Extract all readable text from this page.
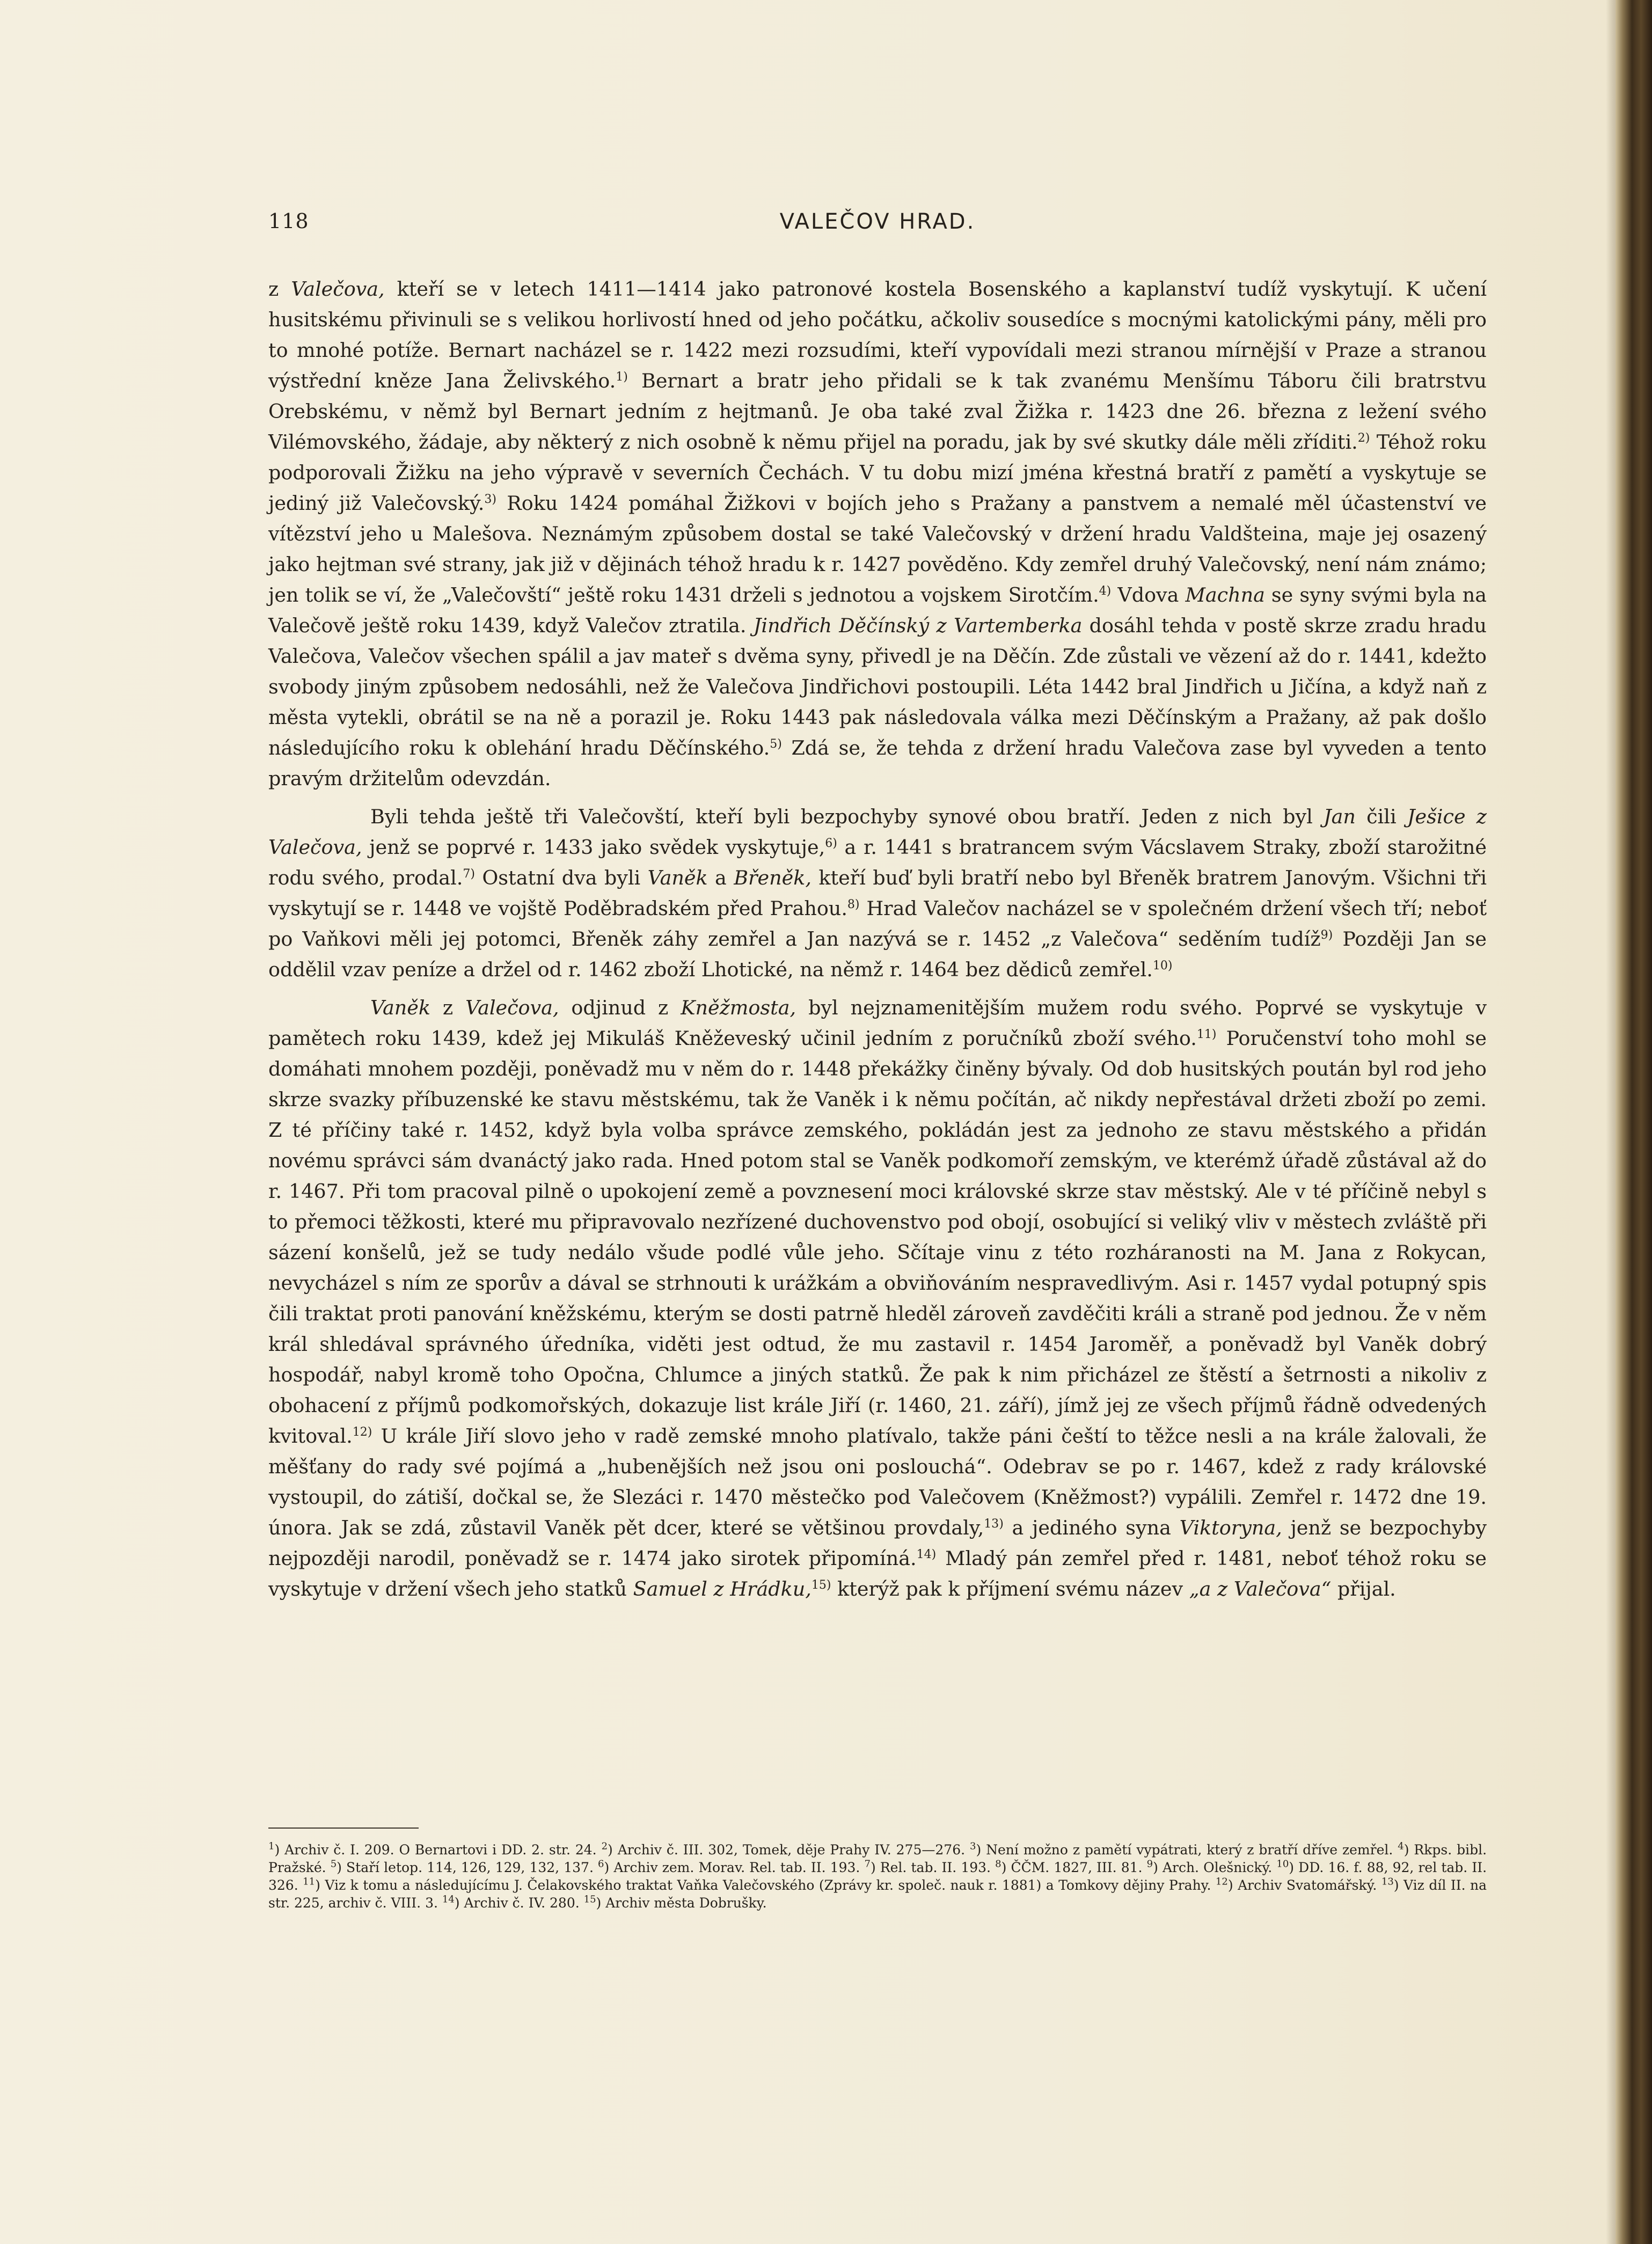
118	VALEČOV HRAD.

z Valečova, kteří se v letech 1411—1414 jako patronové kostela Bosenského a kaplanství tudíž vyskytují. K učení husitskému přivinuli se s velikou horlivostí hned od jeho počátku, ačkoliv sousedíce s mocnými katolickými pány, měli pro to mnohé potíže. Bernart nacházel se r. 1422 mezi rozsudími, kteří vypovídali mezi stranou mírnější v Praze a stranou výstřední kněze Jana Želivského.$^{1)}$ Bernart a bratr jeho přidali se k tak zvanému Menšímu Táboru čili bratrstvu Orebskému, v němž byl Bernart jedním z hejtmanů. Je oba také zval Žižka r. 1423 dne 26. března z ležení svého Vilémovského, žádaje, aby některý z nich osobně k němu přijel na poradu, jak by své skutky dále měli zříditi.$^{2)}$ Téhož roku podporovali Žižku na jeho výpravě v severních Čechách. V tu dobu mizí jména křestná bratří z pamětí a vyskytuje se jediný již Valečovský.$^{3)}$ Roku 1424 pomáhal Žižkovi v bojích jeho s Pražany a panstvem a nemalé měl účastenství ve vítězství jeho u Malešova. Neznámým způsobem dostal se také Valečovský v držení hradu Valdšteina, maje jej osazený jako hejtman své strany, jak již v dějinách téhož hradu k r. 1427 pověděno. Kdy zemřel druhý Valečovský, není nám známo; jen tolik se ví, že „Valečovští“ ještě roku 1431 drželi s jednotou a vojskem Sirotčím.$^{4)}$ Vdova Machna se syny svými byla na Valečově ještě roku 1439, když Valečov ztratila. Jindřich Děčínský z Vartemberka dosáhl tehda v postě skrze zradu hradu Valečova, Valečov všechen spálil a jav mateř s dvěma syny, přivedl je na Děčín. Zde zůstali ve vězení až do r. 1441, kdežto svobody jiným způsobem nedosáhli, než že Valečova Jindřichovi postoupili. Léta 1442 bral Jindřich u Jičína, a když naň z města vytekli, obrátil se na ně a porazil je. Roku 1443 pak následovala válka mezi Děčínským a Pražany, až pak došlo následujícího roku k oblehání hradu Děčínského.$^{5)}$ Zdá se, že tehda z držení hradu Valečova zase byl vyveden a tento pravým držitelům odevzdán.

Byli tehda ještě tři Valečovští, kteří byli bezpochyby synové obou bratří. Jeden z nich byl Jan čili Ješice z Valečova, jenž se poprvé r. 1433 jako svědek vyskytuje,$^{6)}$ a r. 1441 s bratrancem svým Vácslavem Straky, zboží starožitné rodu svého, prodal.$^{7)}$ Ostatní dva byli Vaněk a Břeněk, kteří buď byli bratří nebo byl Břeněk bratrem Janovým. Všichni tři vyskytují se r. 1448 ve vojště Poděbradském před Prahou.$^{8)}$ Hrad Valečov nacházel se v společném držení všech tří; neboť po Vaňkovi měli jej potomci, Břeněk záhy zemřel a Jan nazývá se r. 1452 „z Valečova“ seděním tudíž$^{9)}$ Později Jan se oddělil vzav peníze a držel od r. 1462 zboží Lhotické, na němž r. 1464 bez dědiců zemřel.$^{10)}$

Vaněk z Valečova, odjinud z Kněžmosta, byl nejznamenitějším mužem rodu svého. Poprvé se vyskytuje v pamětech roku 1439, kdež jej Mikuláš Kněževeský učinil jedním z poručníků zboží svého.$^{11)}$ Poručenství toho mohl se domáhati mnohem později, poněvadž mu v něm do r. 1448 překážky činěny bývaly. Od dob husitských poután byl rod jeho skrze svazky příbuzenské ke stavu městskému, tak že Vaněk i k němu počítán, ač nikdy nepřestával držeti zboží po zemi. Z té příčiny také r. 1452, když byla volba správce zemského, pokládán jest za jednoho ze stavu městského a přidán novému správci sám dvanáctý jako rada. Hned potom stal se Vaněk podkomoří zemským, ve kterémž úřadě zůstával až do r. 1467. Při tom pracoval pilně o upokojení země a povznesení moci královské skrze stav městský. Ale v té příčině nebyl s to přemoci těžkosti, které mu připravovalo nezřízené duchovenstvo pod obojí, osobující si veliký vliv v městech zvláště při sázení konšelů, jež se tudy nedálo všude podlé vůle jeho. Sčítaje vinu z této rozháranosti na M. Jana z Rokycan, nevycházel s ním ze sporův a dával se strhnouti k urážkám a obviňováním nespravedlivým. Asi r. 1457 vydal potupný spis čili traktat proti panování kněžskému, kterým se dosti patrně hleděl zároveň zavděčiti králi a straně pod jednou. Že v něm král shledával správného úředníka, viděti jest odtud, že mu zastavil r. 1454 Jaroměř, a poněvadž byl Vaněk dobrý hospodář, nabyl kromě toho Opočna, Chlumce a jiných statků. Že pak k nim přicházel ze štěstí a šetrnosti a nikoliv z obohacení z příjmů podkomořských, dokazuje list krále Jiří (r. 1460, 21. září), jímž jej ze všech příjmů řádně odvedených kvitoval.$^{12)}$ U krále Jiří slovo jeho v radě zemské mnoho platívalo, takže páni čeští to těžce nesli a na krále žalovali, že měšťany do rady své pojímá a „hubenějších než jsou oni poslouchá“. Odebrav se po r. 1467, kdež z rady královské vystoupil, do zátiší, dočkal se, že Slezáci r. 1470 městečko pod Valečovem (Kněžmost?) vypálili. Zemřel r. 1472 dne 19. února. Jak se zdá, zůstavil Vaněk pět dcer, které se většinou provdaly,$^{13)}$ a jediného syna Viktoryna, jenž se bezpochyby nejpozději narodil, poněvadž se r. 1474 jako sirotek připomíná.$^{14)}$ Mladý pán zemřel před r. 1481, neboť téhož roku se vyskytuje v držení všech jeho statků Samuel z Hrádku,$^{15)}$ kterýž pak k příjmení svému název „a z Valečova“ přijal.

$^1$) Archiv č. I. 209. O Bernartovi i DD. 2. str. 24. $^2$) Archiv č. III. 302, Tomek, děje Prahy IV. 275—276. $^3$) Není možno z pamětí vypátrati, který z bratří dříve zemřel. $^4$) Rkps. bibl. Pražské. $^5$) Staří letop. 114, 126, 129, 132, 137. $^6$) Archiv zem. Morav. Rel. tab. II. 193. $^7$) Rel. tab. II. 193. $^8$) ČČM. 1827, III. 81. $^9$) Arch. Olešnický. $^{10}$) DD. 16. f. 88, 92, rel tab. II. 326. $^{11}$) Viz k tomu a následujícímu J. Čelakovského traktat Vaňka Valečovského (Zprávy kr. společ. nauk r. 1881) a Tomkovy dějiny Prahy. $^{12}$) Archiv Svatomářský. $^{13}$) Viz díl II. na str. 225, archiv č. VIII. 3. $^{14}$) Archiv č. IV. 280. $^{15}$) Archiv města Dobrušky.
